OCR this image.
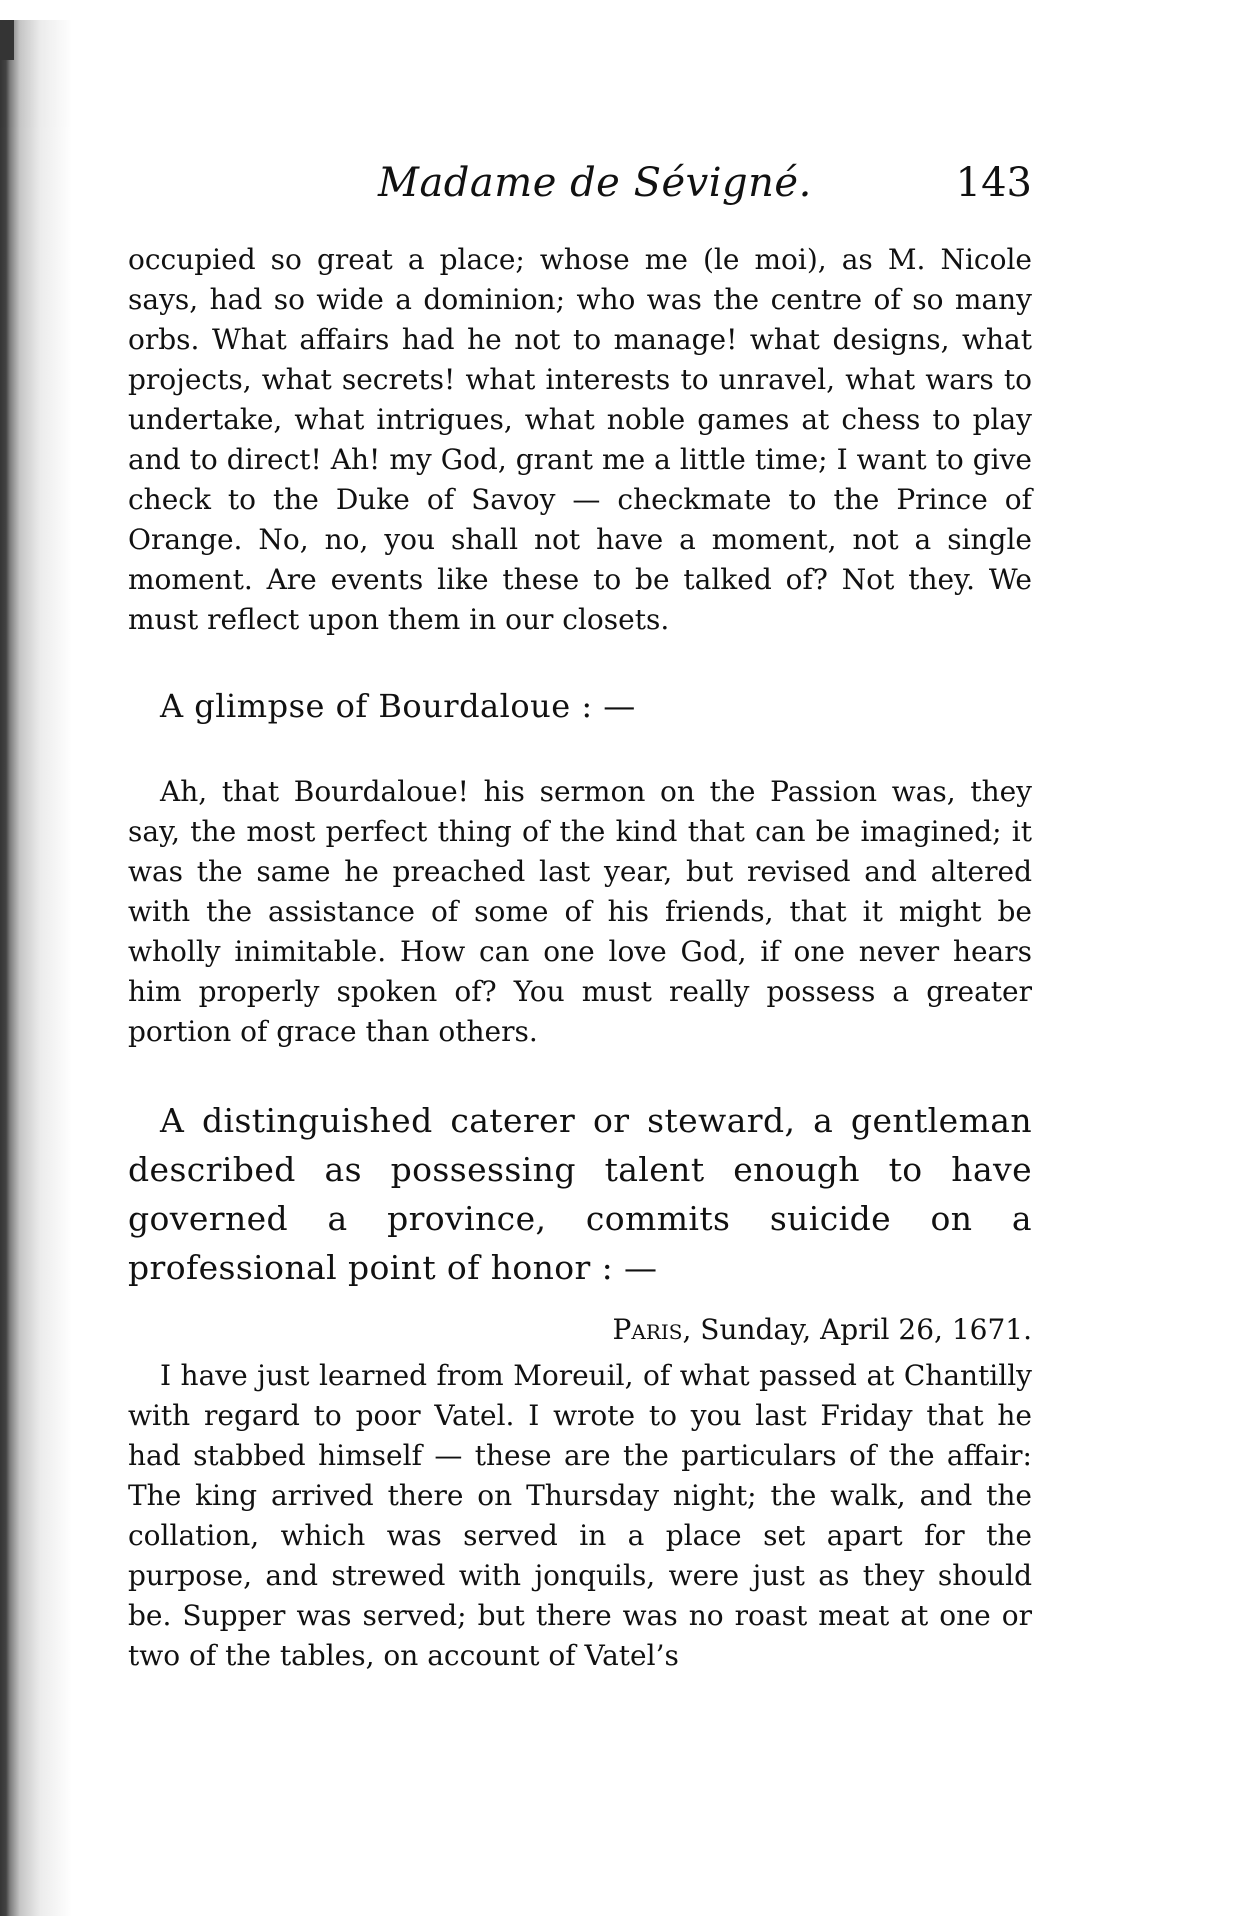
Madame de Sévigné.	143

occupied so great a place; whose me (le moi), as M. Nicole says, had so wide a dominion; who was the centre of so many orbs. What affairs had he not to manage! what designs, what projects, what secrets! what interests to unravel, what wars to undertake, what intrigues, what noble games at chess to play and to direct! Ah! my God, grant me a little time; I want to give check to the Duke of Savoy — checkmate to the Prince of Orange. No, no, you shall not have a moment, not a single moment. Are events like these to be talked of? Not they. We must reflect upon them in our closets.

A glimpse of Bourdaloue : —

Ah, that Bourdaloue! his sermon on the Passion was, they say, the most perfect thing of the kind that can be imagined; it was the same he preached last year, but revised and altered with the assistance of some of his friends, that it might be wholly inimitable. How can one love God, if one never hears him properly spoken of? You must really possess a greater portion of grace than others.

A distinguished caterer or steward, a gentleman described as possessing talent enough to have governed a province, commits suicide on a professional point of honor : —

Paris, Sunday, April 26, 1671.

I have just learned from Moreuil, of what passed at Chantilly with regard to poor Vatel. I wrote to you last Friday that he had stabbed himself — these are the particulars of the affair: The king arrived there on Thursday night; the walk, and the collation, which was served in a place set apart for the purpose, and strewed with jonquils, were just as they should be. Supper was served; but there was no roast meat at one or two of the tables, on account of Vatel’s
